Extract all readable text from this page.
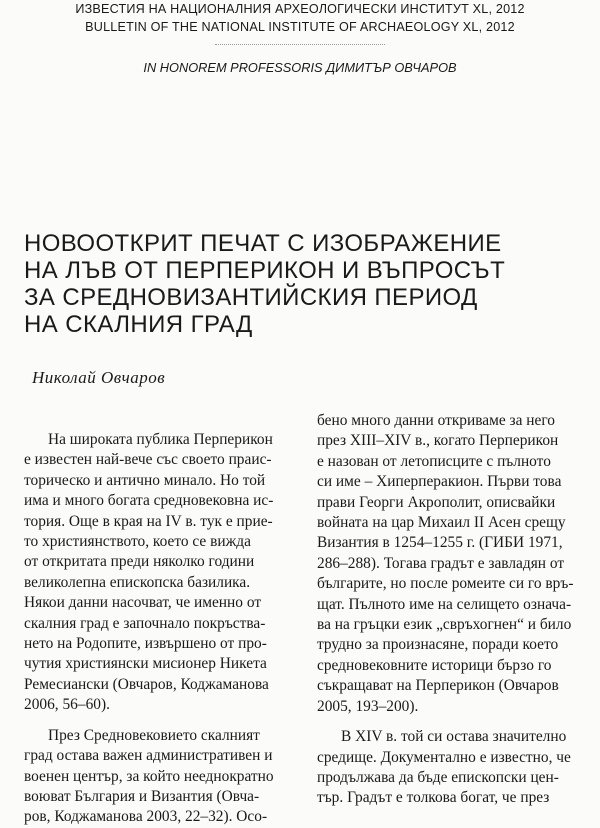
ИЗВЕСТИЯ НА НАЦИОНАЛНИЯ АРХЕОЛОГИЧЕСКИ ИНСТИТУТ XL, 2012
BULLETIN OF THE NATIONAL INSTITUTE OF ARCHAEOLOGY XL, 2012
IN HONOREM PROFESSORIS ДИМИТЪР ОВЧАРОВ
НОВООТКРИТ ПЕЧАТ С ИЗОБРАЖЕНИЕ
НА ЛЪВ ОТ ПЕРПЕРИКОН И ВЪПРОСЪТ
ЗА СРЕДНОВИЗАНТИЙСКИЯ ПЕРИОД
НА СКАЛНИЯ ГРАД
Николай Овчаров
На широката публика Перперикон
е известен най-вече със своето праис-
торическо и антично минало. Но той
има и много богата средновековна ис-
тория. Още в края на IV в. тук е прие-
то християнството, което се вижда
от откритата преди няколко години
великолепна епископска базилика.
Някои данни насочват, че именно от
скалния град е започнало покръства-
нето на Родопите, извършено от про-
чутия християнски мисионер Никета
Ремесиански (Овчаров, Коджаманова
2006, 56–60).
През Средновековието скалният
град остава важен административен и
военен център, за който нееднократно
воюват България и Византия (Овча-
ров, Коджаманова 2003, 22–32). Осо-
бено много данни откриваме за него
през XIII–XIV в., когато Перперикон
е назован от летописците с пълното
си име – Хиперперакион. Първи това
прави Георги Акрополит, описвайки
войната на цар Михаил II Асен срещу
Византия в 1254–1255 г. (ГИБИ 1971,
286–288). Тогава градът е завладян от
българите, но после ромеите си го връ-
щат. Пълното име на селището означа-
ва на гръцки език „свръхогнен“ и било
трудно за произнасяне, поради което
средновековните историци бързо го
съкращават на Перперикон (Овчаров
2005, 193–200).
В XIV в. той си остава значително
средище. Документално е известно, че
продължава да бъде епископски цен-
тър. Градът е толкова богат, че през
